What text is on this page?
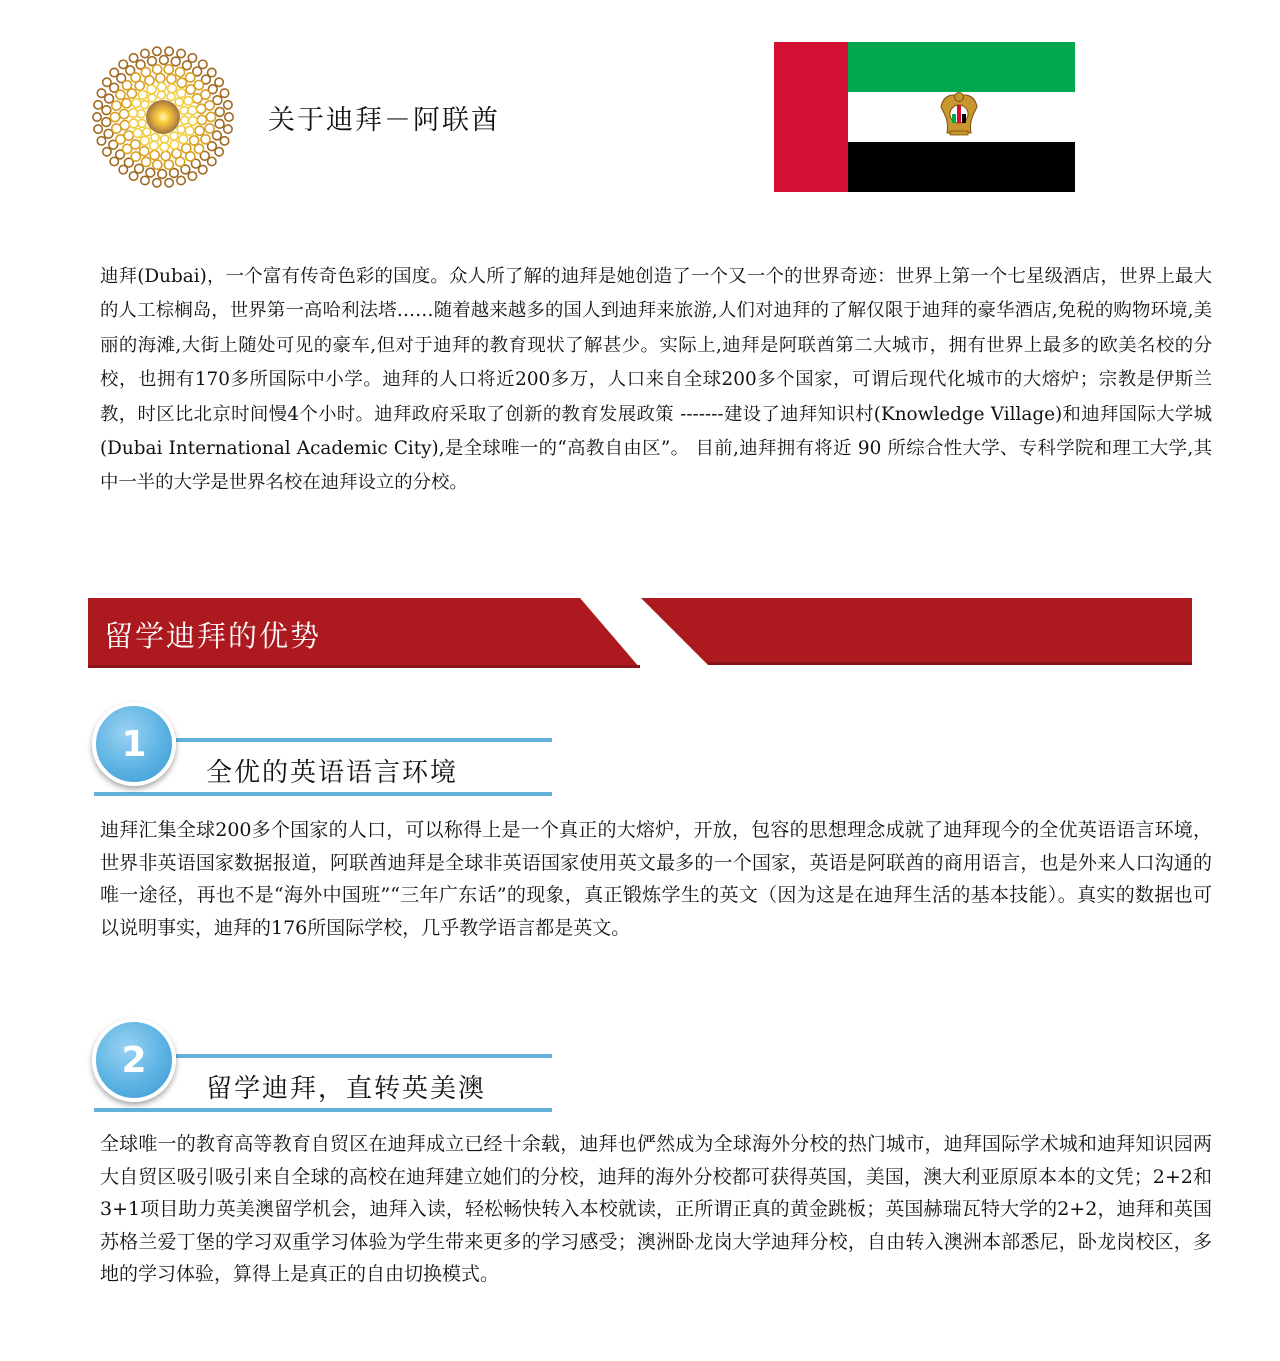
关于迪拜－阿联酋
迪拜(Dubai)，一个富有传奇色彩的国度。众人所了解的迪拜是她创造了一个又一个的世界奇迹：世界上第一个七星级酒店，世界上最大的人工棕榈岛，世界第一高哈利法塔……随着越来越多的国人到迪拜来旅游,人们对迪拜的了解仅限于迪拜的豪华酒店,免税的购物环境,美丽的海滩,大街上随处可见的豪车,但对于迪拜的教育现状了解甚少。实际上,迪拜是阿联酋第二大城市，拥有世界上最多的欧美名校的分校，也拥有170多所国际中小学。迪拜的人口将近200多万，人口来自全球200多个国家，可谓后现代化城市的大熔炉；宗教是伊斯兰教，时区比北京时间慢4个小时。迪拜政府采取了创新的教育发展政策 -------建设了迪拜知识村(Knowledge Village)和迪拜国际大学城(Dubai International Academic City),是全球唯一的“高教自由区”。 目前,迪拜拥有将近 90 所综合性大学、专科学院和理工大学,其中一半的大学是世界名校在迪拜设立的分校。
留学迪拜的优势
1
全优的英语语言环境
迪拜汇集全球200多个国家的人口，可以称得上是一个真正的大熔炉，开放，包容的思想理念成就了迪拜现今的全优英语语言环境，世界非英语国家数据报道，阿联酋迪拜是全球非英语国家使用英文最多的一个国家，英语是阿联酋的商用语言，也是外来人口沟通的唯一途径，再也不是“海外中国班”“三年广东话”的现象，真正锻炼学生的英文（因为这是在迪拜生活的基本技能）。真实的数据也可以说明事实，迪拜的176所国际学校，几乎教学语言都是英文。
2
留学迪拜，直转英美澳
全球唯一的教育高等教育自贸区在迪拜成立已经十余载，迪拜也俨然成为全球海外分校的热门城市，迪拜国际学术城和迪拜知识园两大自贸区吸引吸引来自全球的高校在迪拜建立她们的分校，迪拜的海外分校都可获得英国，美国，澳大利亚原原本本的文凭；2+2和3+1项目助力英美澳留学机会，迪拜入读，轻松畅快转入本校就读，正所谓正真的黄金跳板；英国赫瑞瓦特大学的2+2，迪拜和英国苏格兰爱丁堡的学习双重学习体验为学生带来更多的学习感受；澳洲卧龙岗大学迪拜分校，自由转入澳洲本部悉尼，卧龙岗校区，多地的学习体验，算得上是真正的自由切换模式。
